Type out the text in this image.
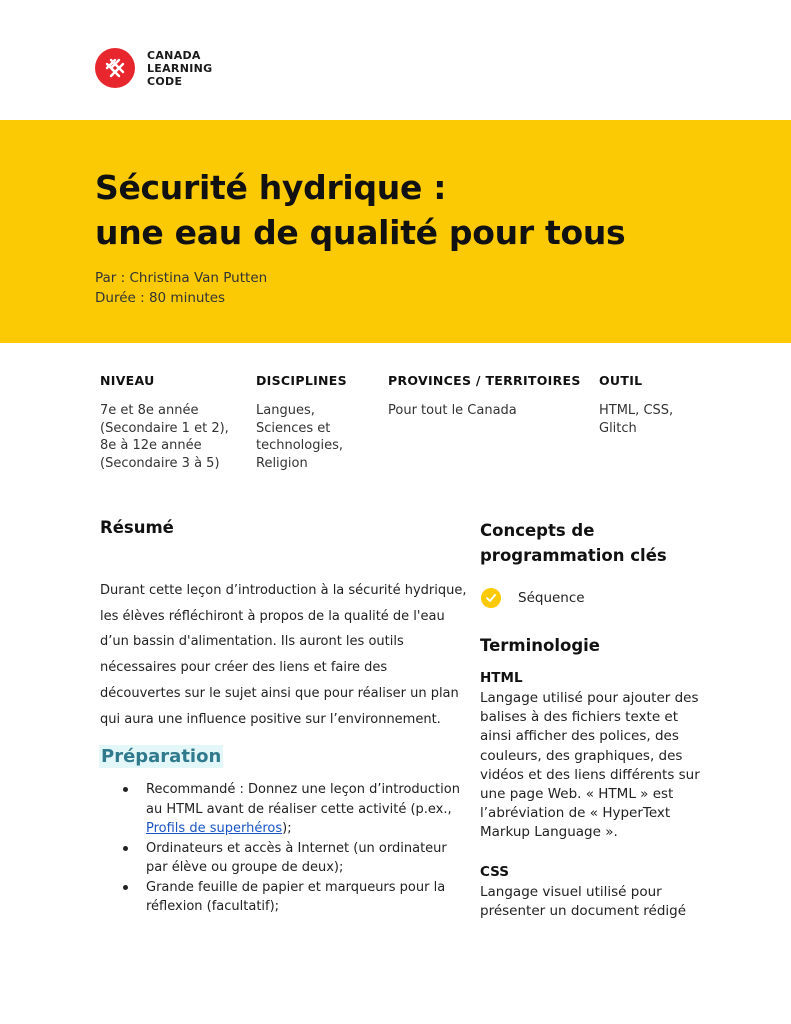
CANADA
LEARNING
CODE
Sécurité hydrique :
une eau de qualité pour tous
Par : Christina Van Putten
Durée : 80 minutes
NIVEAU
7e et 8e année
(Secondaire 1 et 2),
8e à 12e année
(Secondaire 3 à 5)
DISCIPLINES
Langues,
Sciences et
technologies,
Religion
PROVINCES / TERRITOIRES
Pour tout le Canada
OUTIL
HTML, CSS,
Glitch
Résumé

Durant cette leçon d’introduction à la sécurité hydrique, les élèves réfléchiront à propos de la qualité de l'eau d’un bassin d'alimentation. Ils auront les outils nécessaires pour créer des liens et faire des découvertes sur le sujet ainsi que pour réaliser un plan qui aura une influence positive sur l’environnement.

Préparation
Recommandé : Donnez une leçon d’introduction au HTML avant de réaliser cette activité (p.ex., Profils de superhéros);
Ordinateurs et accès à Internet (un ordinateur par élève ou groupe de deux);
Grande feuille de papier et marqueurs pour la réflexion (facultatif);
Concepts de
programmation clés
Séquence
Terminologie
HTML
Langage utilisé pour ajouter des balises à des fichiers texte et ainsi afficher des polices, des couleurs, des graphiques, des vidéos et des liens différents sur une page Web. « HTML » est l’abréviation de « HyperText Markup Language ».
CSS
Langage visuel utilisé pour présenter un document rédigé
